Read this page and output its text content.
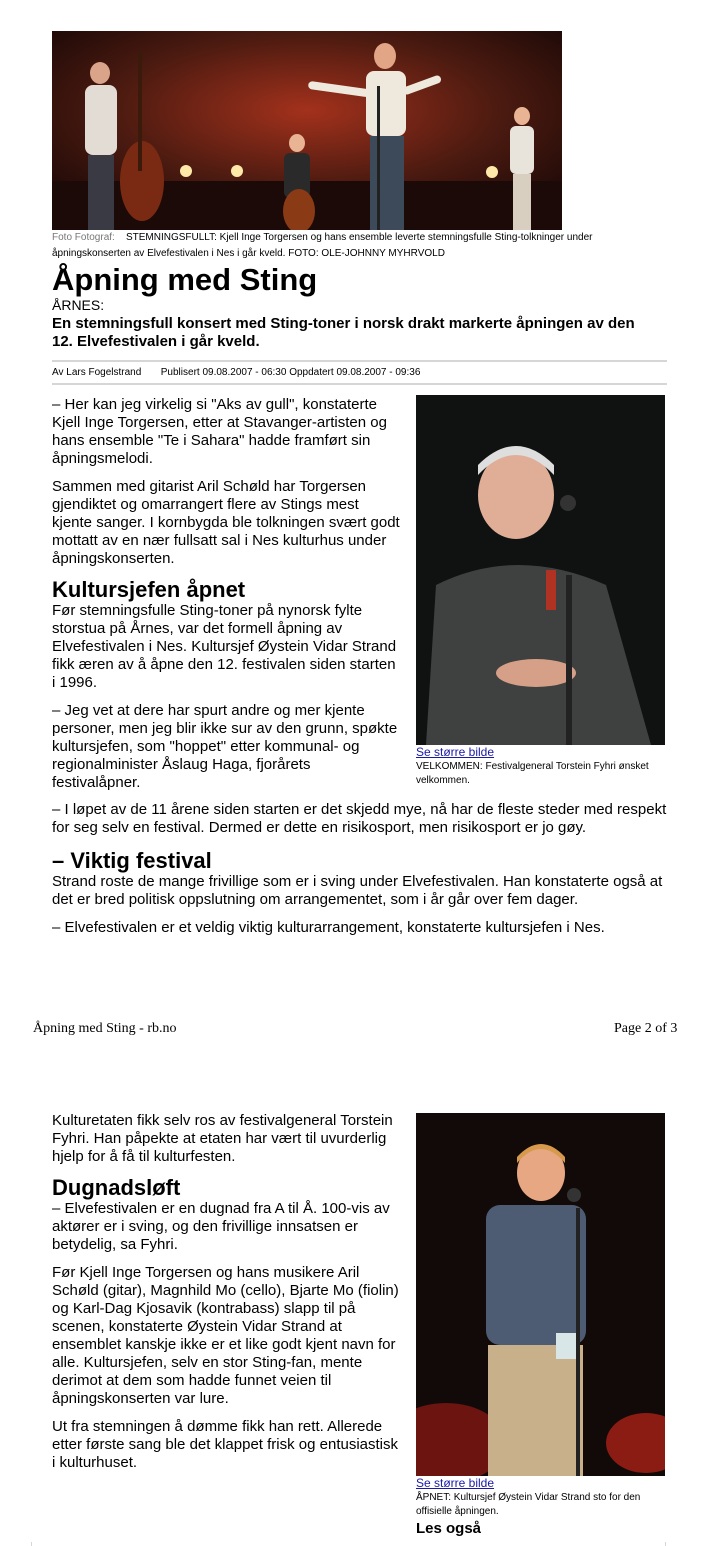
Foto Fotograf: STEMNINGSFULLT: Kjell Inge Torgersen og hans ensemble leverte stemningsfulle Sting-tolkninger under åpningskonserten av Elvefestivalen i Nes i går kveld. FOTO: OLE-JOHNNY MYHRVOLD
Åpning med Sting
ÅRNES:
En stemningsfull konsert med Sting-toner i norsk drakt markerte åpningen av den 12. Elvefestivalen i går kveld.
Av Lars Fogelstrand Publisert 09.08.2007 - 06:30 Oppdatert 09.08.2007 - 09:36

– Her kan jeg virkelig si "Aks av gull", konstaterte Kjell Inge Torgersen, etter at Stavanger-artisten og hans ensemble "Te i Sahara" hadde framført sin åpningsmelodi.

Sammen med gitarist Aril Schøld har Torgersen gjendiktet og omarrangert flere av Stings mest kjente sanger. I kornbygda ble tolkningen svært godt mottatt av en nær fullsatt sal i Nes kulturhus under åpningskonserten.

Kultursjefen åpnet

Før stemningsfulle Sting-toner på nynorsk fylte storstua på Årnes, var det formell åpning av Elvefestivalen i Nes. Kultursjef Øystein Vidar Strand fikk æren av å åpne den 12. festivalen siden starten i 1996.

– Jeg vet at dere har spurt andre og mer kjente personer, men jeg blir ikke sur av den grunn, spøkte kultursjefen, som "hoppet" etter kommunal- og regionalminister Åslaug Haga, fjorårets festivalåpner.

Se større bilde
VELKOMMEN: Festivalgeneral Torstein Fyhri ønsket velkommen.

– I løpet av de 11 årene siden starten er det skjedd mye, nå har de fleste steder med respekt for seg selv en festival. Dermed er dette en risikosport, men risikosport er jo gøy.

– Viktig festival

Strand roste de mange frivillige som er i sving under Elvefestivalen. Han konstaterte også at det er bred politisk oppslutning om arrangementet, som i år går over fem dager.

– Elvefestivalen er et veldig viktig kulturarrangement, konstaterte kultursjefen i Nes.

Åpning med Sting - rb.no	Page 2 of 3

Kulturetaten fikk selv ros av festivalgeneral Torstein Fyhri. Han påpekte at etaten har vært til uvurderlig hjelp for å få til kulturfesten.

Dugnadsløft

– Elvefestivalen er en dugnad fra A til Å. 100-vis av aktører er i sving, og den frivillige innsatsen er betydelig, sa Fyhri.

Før Kjell Inge Torgersen og hans musikere Aril Schøld (gitar), Magnhild Mo (cello), Bjarte Mo (fiolin) og Karl-Dag Kjosavik (kontrabass) slapp til på scenen, konstaterte Øystein Vidar Strand at ensemblet kanskje ikke er et like godt kjent navn for alle. Kultursjefen, selv en stor Sting-fan, mente derimot at dem som hadde funnet veien til åpningskonserten var lure.

Ut fra stemningen å dømme fikk han rett. Allerede etter første sang ble det klappet frisk og entusiastisk i kulturhuset.

Se større bilde
ÅPNET: Kultursjef Øystein Vidar Strand sto for den offisielle åpningen.
Les også
